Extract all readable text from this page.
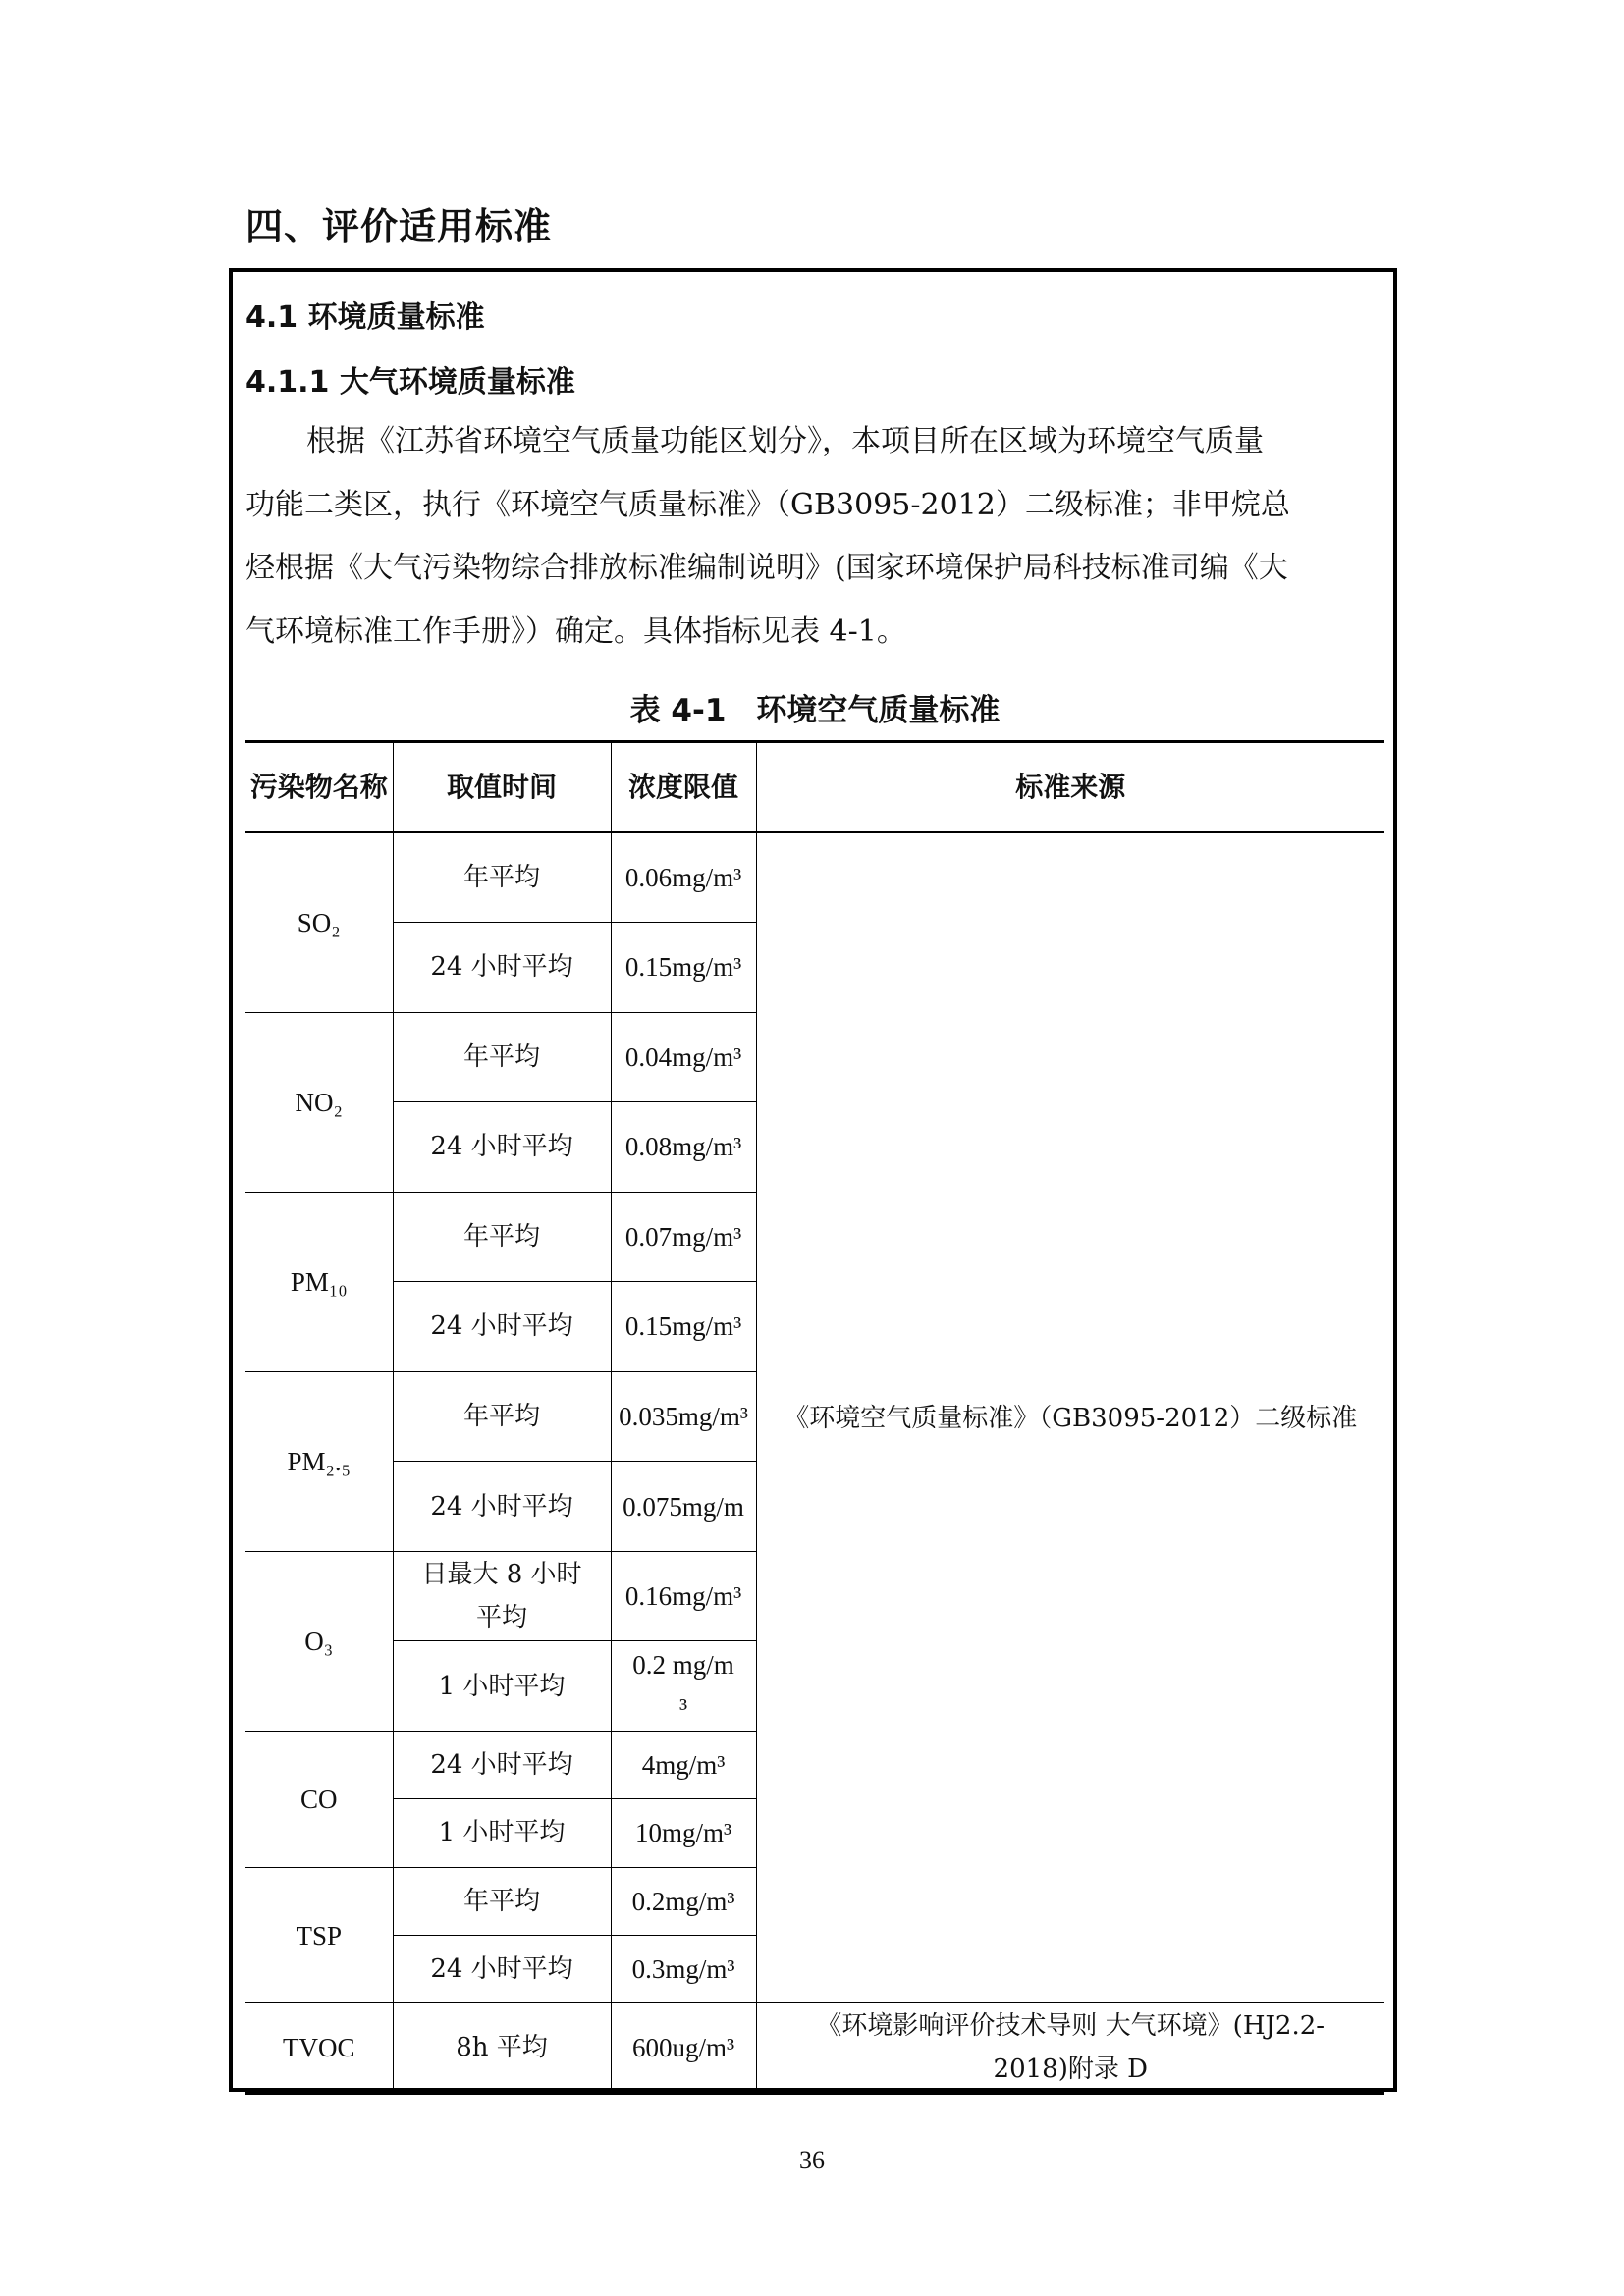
四、评价适用标准
4.1 环境质量标准
4.1.1 大气环境质量标准
根据《江苏省环境空气质量功能区划分》，本项目所在区域为环境空气质量
功能二类区，执行《环境空气质量标准》（GB3095-2012）二级标准；非甲烷总
烃根据《大气污染物综合排放标准编制说明》(国家环境保护局科技标准司编《大
气环境标准工作手册》）确定。具体指标见表 4-1。
表 4-1　环境空气质量标准
污染物名称	取值时间	浓度限值	标准来源
SO₂	年平均	0.06mg/m³	《环境空气质量标准》（GB3095-2012）二级标准
	24 小时平均	0.15mg/m³	
NO₂	年平均	0.04mg/m³	
	24 小时平均	0.08mg/m³	
PM₁₀	年平均	0.07mg/m³	
	24 小时平均	0.15mg/m³	
PM₂.₅	年平均	0.035mg/m³	
	24 小时平均	0.075mg/m	
O₃	日最大 8 小时平均	0.16mg/m³	
	1 小时平均	0.2 mg/m³	
CO	24 小时平均	4mg/m³	
	1 小时平均	10mg/m³	
TSP	年平均	0.2mg/m³	
	24 小时平均	0.3mg/m³	
TVOC	8h 平均	600ug/m³	《环境影响评价技术导则 大气环境》(HJ2.2-2018)附录 D
36
